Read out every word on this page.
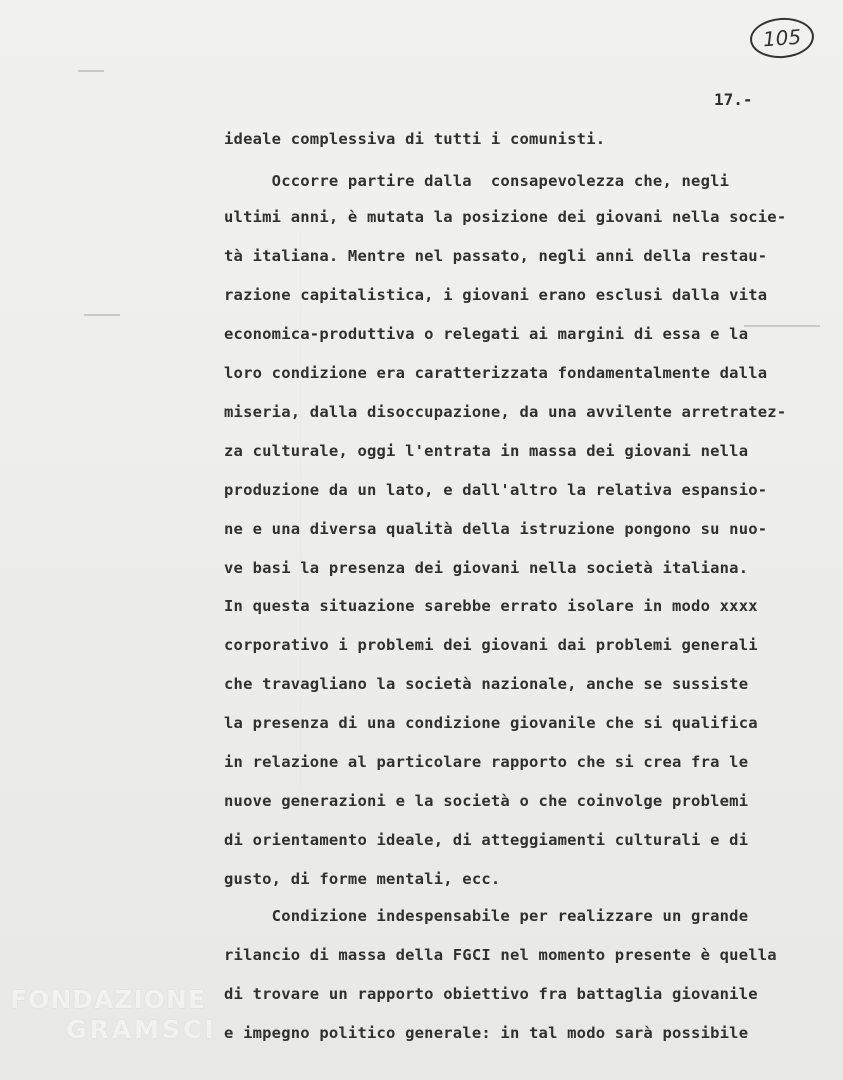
105
17.-
ideale complessiva di tutti i comunisti.
Occorre partire dalla  consapevolezza che, negli
ultimi anni, è mutata la posizione dei giovani nella socie-
tà italiana. Mentre nel passato, negli anni della restau-
razione capitalistica, i giovani erano esclusi dalla vita
economica-produttiva o relegati ai margini di essa e la
loro condizione era caratterizzata fondamentalmente dalla
miseria, dalla disoccupazione, da una avvilente arretratez-
za culturale, oggi l'entrata in massa dei giovani nella
produzione da un lato, e dall'altro la relativa espansio-
ne e una diversa qualità della istruzione pongono su nuo-
ve basi la presenza dei giovani nella società italiana.
In questa situazione sarebbe errato isolare in modo xxxx
corporativo i problemi dei giovani dai problemi generali
che travagliano la società nazionale, anche se sussiste
la presenza di una condizione giovanile che si qualifica
in relazione al particolare rapporto che si crea fra le
nuove generazioni e la società o che coinvolge problemi
di orientamento ideale, di atteggiamenti culturali e di
gusto, di forme mentali, ecc.
Condizione indespensabile per realizzare un grande
rilancio di massa della FGCI nel momento presente è quella
di trovare un rapporto obiettivo fra battaglia giovanile
e impegno politico generale: in tal modo sarà possibile
FONDAZIONE
GRAMSCI
